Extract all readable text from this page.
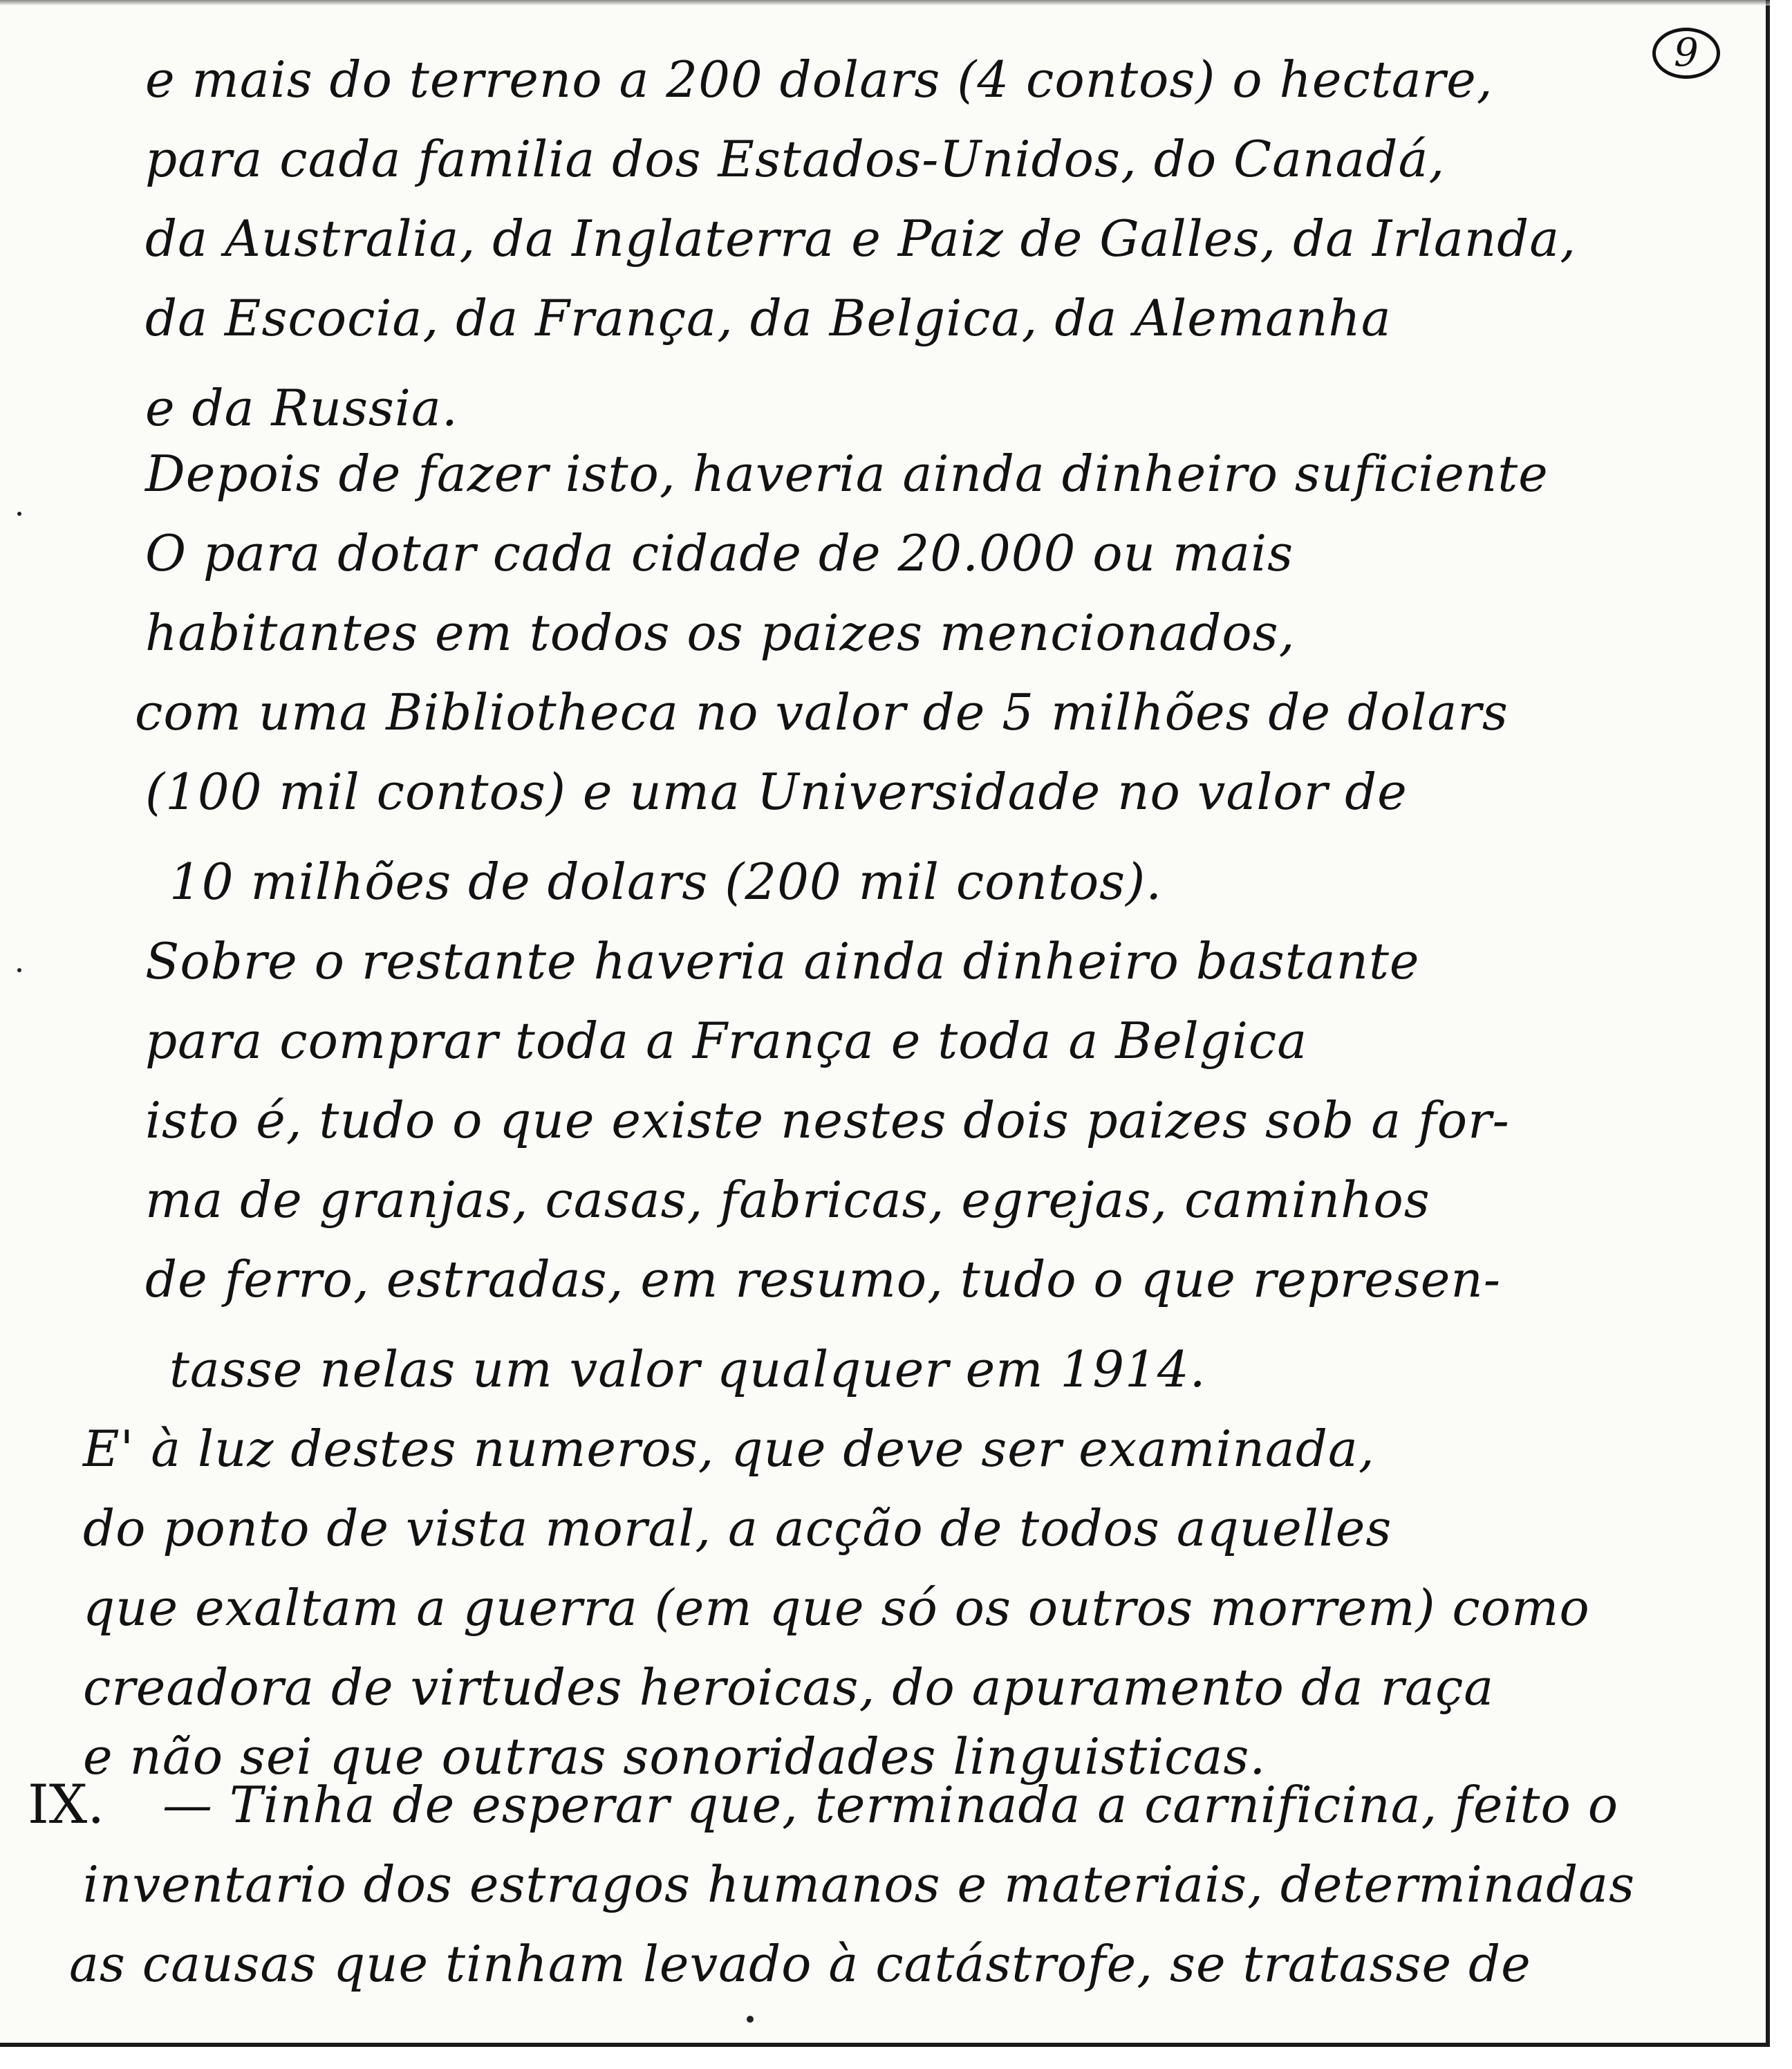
9
e mais do terreno a 200 dolars (4 contos) o hectare,
para cada familia dos Estados-Unidos, do Canadá,
da Australia, da Inglaterra e Paiz de Galles, da Irlanda,
da Escocia, da França, da Belgica, da Alemanha
e da Russia.
Depois de fazer isto, haveria ainda dinheiro suficiente
O para dotar cada cidade de 20.000 ou mais
habitantes em todos os paizes mencionados,
com uma Bibliotheca no valor de 5 milhões de dolars
(100 mil contos) e uma Universidade no valor de
10 milhões de dolars (200 mil contos).
Sobre o restante haveria ainda dinheiro bastante
para comprar toda a França e toda a Belgica
isto é, tudo o que existe nestes dois paizes sob a for-
ma de granjas, casas, fabricas, egrejas, caminhos
de ferro, estradas, em resumo, tudo o que represen-
tasse nelas um valor qualquer em 1914.
E' à luz destes numeros, que deve ser examinada,
do ponto de vista moral, a acção de todos aquelles
que exaltam a guerra (em que só os outros morrem) como
creadora de virtudes heroicas, do apuramento da raça
e não sei que outras sonoridades linguisticas.
— Tinha de esperar que, terminada a carnificina, feito o
inventario dos estragos humanos e materiais, determinadas
as causas que tinham levado à catástrofe, se tratasse de
IX.
